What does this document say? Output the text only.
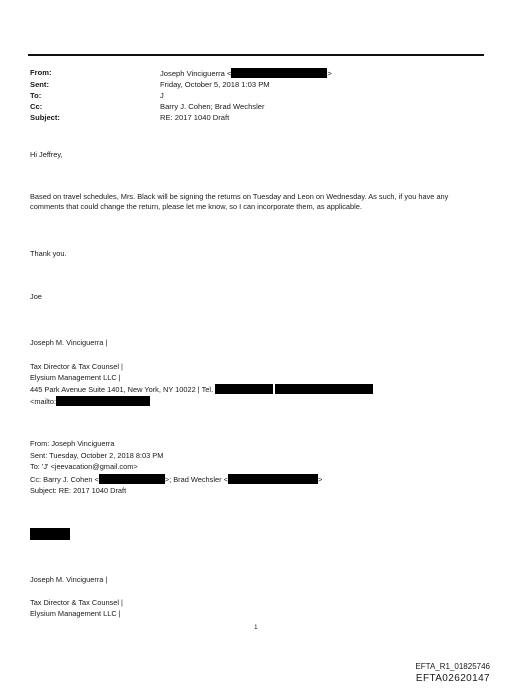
From:	Joseph Vinciguerra <	>
Sent:	Friday, October 5, 2018 1:03 PM
To:	J
Cc:	Barry J. Cohen; Brad Wechsler
Subject:	RE: 2017 1040 Draft
Hi Jeffrey,
Based on travel schedules, Mrs. Black will be signing the returns on Tuesday and Leon on Wednesday. As such, if you have any comments that could change the return, please let me know, so I can incorporate them, as applicable.
Thank you.
Joe
Joseph M. Vinciguerra |
Tax Director & Tax Counsel |
Elysium Management LLC |
445 Park Avenue Suite 1401, New York, NY 10022 | Tel.
<mailto:
From: Joseph Vinciguerra
Sent: Tuesday, October 2, 2018 8:03 PM
To: 'J' <jeevacation@gmail.com>
Cc: Barry J. Cohen <	>; Brad Wechsler <	>
Subject: RE: 2017 1040 Draft
Joseph M. Vinciguerra |
Tax Director & Tax Counsel |
Elysium Management LLC |
1
EFTA_R1_01825746
EFTA02620147
